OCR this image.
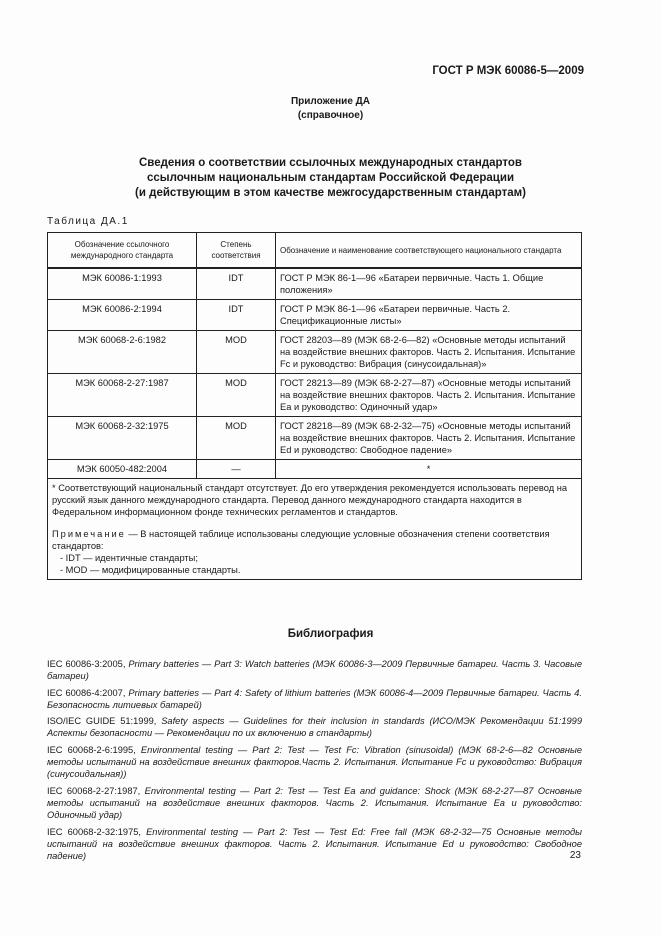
ГОСТ Р МЭК 60086-5—2009
Приложение ДА
(справочное)
Сведения о соответствии ссылочных международных стандартов
ссылочным национальным стандартам Российской Федерации
(и действующим в этом качестве межгосударственным стандартам)
Таблица ДА.1
Обозначение ссылочного международного стандарта	Степень соответствия	Обозначение и наименование соответствующего национального стандарта
МЭК 60086-1:1993	IDT	ГОСТ Р МЭК 86-1—96 «Батареи первичные. Часть 1. Общие положения»
МЭК 60086-2:1994	IDT	ГОСТ Р МЭК 86-1—96 «Батареи первичные. Часть 2. Спецификационные листы»
МЭК 60068-2-6:1982	MOD	ГОСТ 28203—89 (МЭК 68-2-6—82) «Основные методы испытаний на воздействие внешних факторов. Часть 2. Испытания. Испытание Fc и руководство: Вибрация (синусоидальная)»
МЭК 60068-2-27:1987	MOD	ГОСТ 28213—89 (МЭК 68-2-27—87) «Основные методы испытаний на воздействие внешних факторов. Часть 2. Испытания. Испытание Ea и руководство: Одиночный удар»
МЭК 60068-2-32:1975	MOD	ГОСТ 28218—89 (МЭК 68-2-32—75) «Основные методы испытаний на воздействие внешних факторов. Часть 2. Испытания. Испытание Ed и руководство: Свободное падение»
МЭК 60050-482:2004	—	*

* Соответствующий национальный стандарт отсутствует. До его утверждения рекомендуется использовать перевод на русский язык данного международного стандарта. Перевод данного международного стандарта находится в Федеральном информационном фонде технических регламентов и стандартов.

Примечание — В настоящей таблице использованы следующие условные обозначения степени соответствия стандартов:

- IDT — идентичные стандарты;

- MOD — модифицированные стандарты.		

Библиография

IEC 60086-3:2005, Primary batteries — Part 3: Watch batteries (МЭК 60086-3—2009 Первичные батареи. Часть 3. Часовые батареи)

IEC 60086-4:2007, Primary batteries — Part 4: Safety of lithium batteries (МЭК 60086-4—2009 Первичные батареи. Часть 4. Безопасность литиевых батарей)

ISO/IEC GUIDE 51:1999, Safety aspects — Guidelines for their inclusion in standards (ИСО/МЭК Рекомендации 51:1999 Аспекты безопасности — Рекомендации по их включению в стандарты)

IEC 60068-2-6:1995, Environmental testing — Part 2: Test — Test Fc: Vibration (sinusoidal) (МЭК 68-2-6—82 Основные методы испытаний на воздействие внешних факторов.Часть 2. Испытания. Испытание Fc и руководство: Вибрация (синусоидальная))

IEC 60068-2-27:1987, Environmental testing — Part 2: Test — Test Ea and guidance: Shock (МЭК 68-2-27—87 Основные методы испытаний на воздействие внешних факторов. Часть 2. Испытания. Испытание Ea и руководство: Одиночный удар)

IEC 60068-2-32:1975, Environmental testing — Part 2: Test — Test Ed: Free fall (МЭК 68-2-32—75 Основные методы испытаний на воздействие внешних факторов. Часть 2. Испытания. Испытание Ed и руководство: Свободное падение)	23
